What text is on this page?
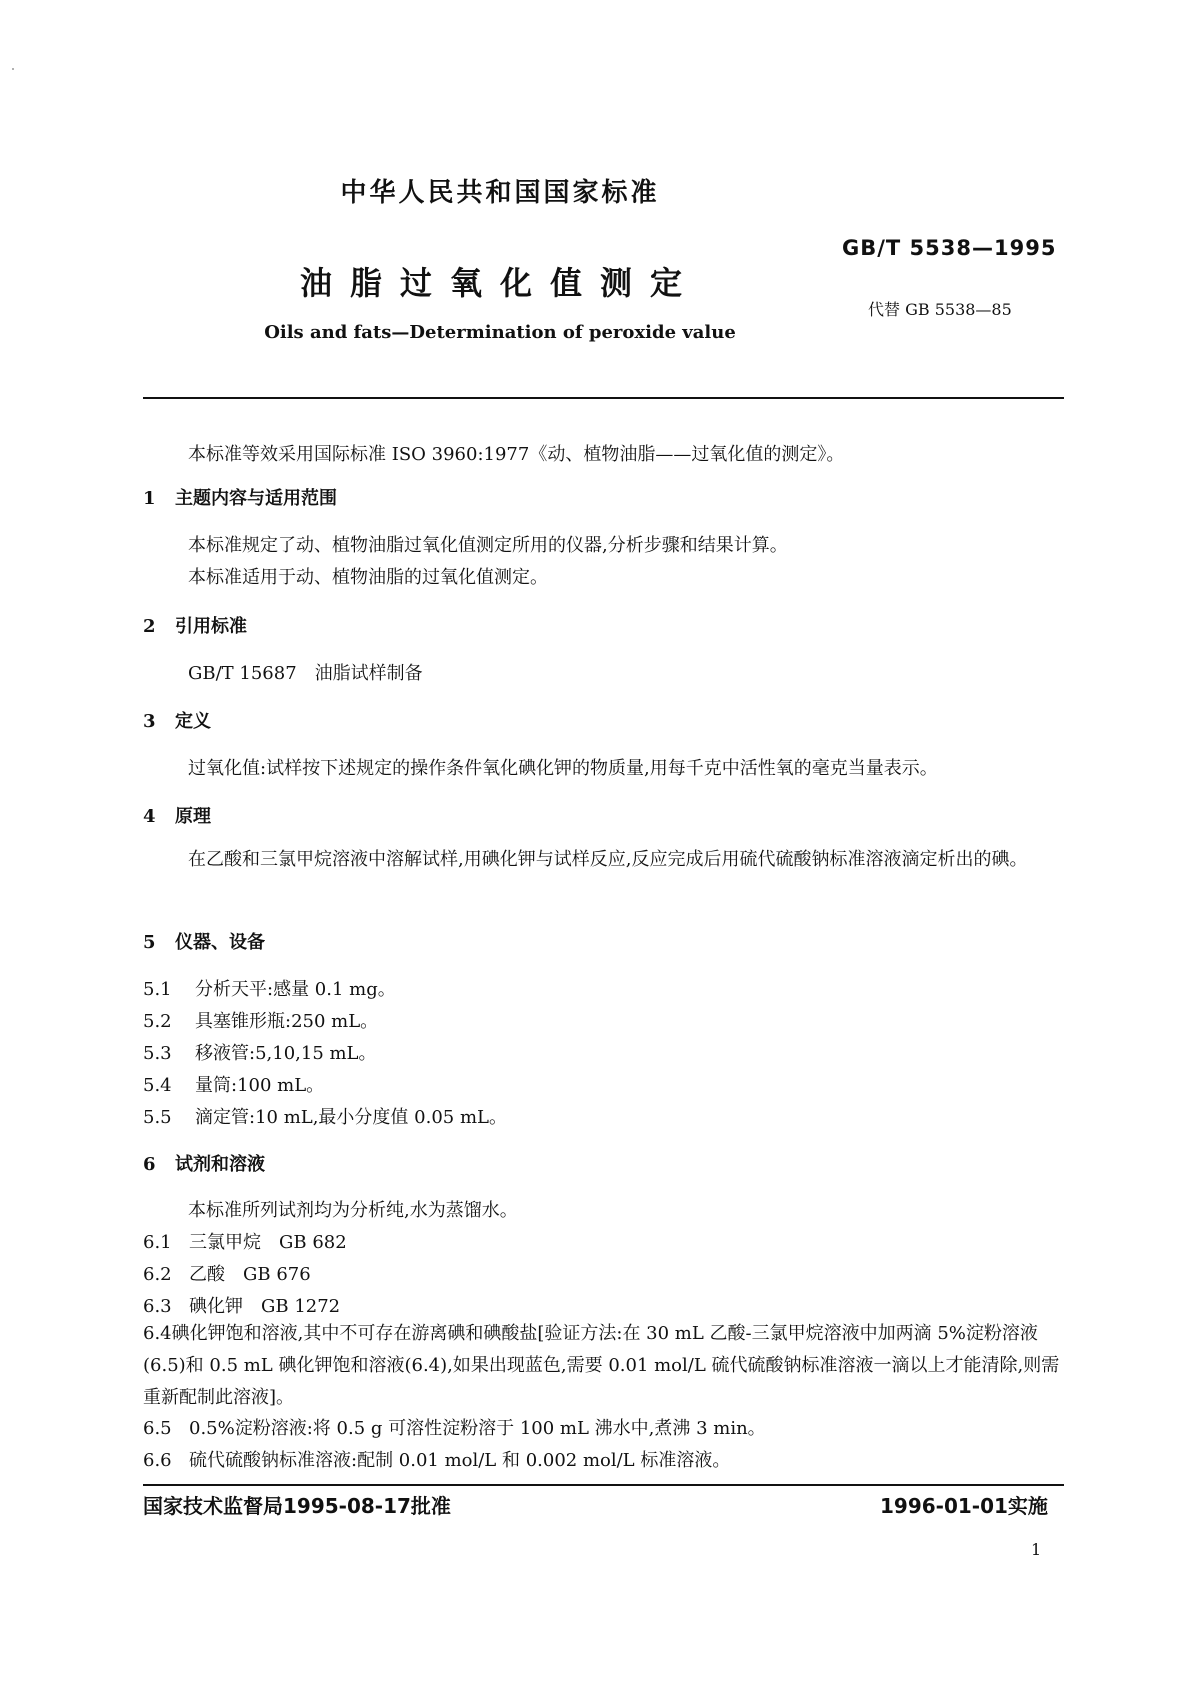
中华人民共和国国家标准
GB/T 5538—1995
油脂过氧化值测定
代替 GB 5538—85
Oils and fats—Determination of peroxide value
本标准等效采用国际标准 ISO 3960:1977《动、植物油脂——过氧化值的测定》。
1 主题内容与适用范围
本标准规定了动、植物油脂过氧化值测定所用的仪器,分析步骤和结果计算。
本标准适用于动、植物油脂的过氧化值测定。
2 引用标准
GB/T 15687　油脂试样制备
3 定义
过氧化值:试样按下述规定的操作条件氧化碘化钾的物质量,用每千克中活性氧的毫克当量表示。
4 原理
在乙酸和三氯甲烷溶液中溶解试样,用碘化钾与试样反应,反应完成后用硫代硫酸钠标准溶液滴定析出的碘。
5 仪器、设备
5.1 分析天平:感量 0.1 mg。
5.2 具塞锥形瓶:250 mL。
5.3 移液管:5,10,15 mL。
5.4 量筒:100 mL。
5.5 滴定管:10 mL,最小分度值 0.05 mL。
6 试剂和溶液
本标准所列试剂均为分析纯,水为蒸馏水。
6.1 三氯甲烷　GB 682
6.2 乙酸　GB 676
6.3 碘化钾　GB 1272
6.4碘化钾饱和溶液,其中不可存在游离碘和碘酸盐[验证方法:在 30 mL 乙酸-三氯甲烷溶液中加两滴 5%淀粉溶液(6.5)和 0.5 mL 碘化钾饱和溶液(6.4),如果出现蓝色,需要 0.01 mol/L 硫代硫酸钠标准溶液一滴以上才能清除,则需重新配制此溶液]。
6.5 0.5%淀粉溶液:将 0.5 g 可溶性淀粉溶于 100 mL 沸水中,煮沸 3 min。
6.6 硫代硫酸钠标准溶液:配制 0.01 mol/L 和 0.002 mol/L 标准溶液。
国家技术监督局1995-08-17批准	1996-01-01实施
1
